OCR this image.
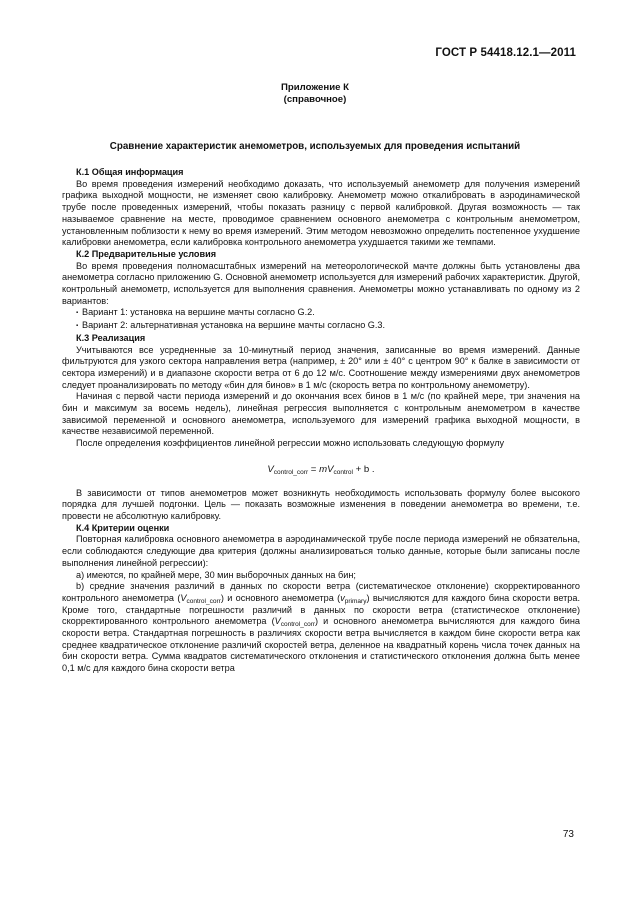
ГОСТ Р 54418.12.1—2011
Приложение К
(справочное)
Сравнение характеристик анемометров, используемых для проведения испытаний
К.1 Общая информация

Во время проведения измерений необходимо доказать, что используемый анемометр для получения измерений графика выходной мощности, не изменяет свою калибровку. Анемометр можно откалибровать в аэродинамической трубе после проведенных измерений, чтобы показать разницу с первой калибровкой. Другая возможность — так называемое сравнение на месте, проводимое сравнением основного анемометра с контрольным анемометром, установленным поблизости к нему во время измерений. Этим методом невозможно определить постепенное ухудшение калибровки анемометра, если калибровка контрольного анемометра ухудшается такими же темпами.

К.2 Предварительные условия

Во время проведения полномасштабных измерений на метеорологической мачте должны быть установлены два анемометра согласно приложению G. Основной анемометр используется для измерений рабочих характеристик. Другой, контрольный анемометр, используется для выполнения сравнения. Анемометры можно устанавливать по одному из 2 вариантов:

▪ Вариант 1: установка на вершине мачты согласно G.2.

▪ Вариант 2: альтернативная установка на вершине мачты согласно G.3.

К.3 Реализация

Учитываются все усредненные за 10-минутный период значения, записанные во время измерений. Данные фильтруются для узкого сектора направления ветра (например, ± 20° или ± 40° с центром 90° к балке в зависимости от сектора измерений) и в диапазоне скорости ветра от 6 до 12 м/с. Соотношение между измерениями двух анемометров следует проанализировать по методу «бин для бинов» в 1 м/с (скорость ветра по контрольному анемометру).

Начиная с первой части периода измерений и до окончания всех бинов в 1 м/с (по крайней мере, три значения на бин и максимум за восемь недель), линейная регрессия выполняется с контрольным анемометром в качестве зависимой переменной и основного анемометра, используемого для измерений графика выходной мощности, в качестве независимой переменной.

После определения коэффициентов линейной регрессии можно использовать следующую формулу

$V_{control\_corr} = mV_{control} + b$ .

В зависимости от типов анемометров может возникнуть необходимость использовать формулу более высокого порядка для лучшей подгонки. Цель — показать возможные изменения в поведении анемометра во времени, т.е. провести не абсолютную калибровку.

К.4 Критерии оценки

Повторная калибровка основного анемометра в аэродинамической трубе после периода измерений не обязательна, если соблюдаются следующие два критерия (должны анализироваться только данные, которые были записаны после выполнения линейной регрессии):

а) имеются, по крайней мере, 30 мин выборочных данных на бин;

b) средние значения различий в данных по скорости ветра (систематическое отклонение) скорректированного контрольного анемометра $(V_{control\_corr})$ и основного анемометра $(v_{primary})$ вычисляются для каждого бина скорости ветра. Кроме того, стандартные погрешности различий в данных по скорости ветра (статистическое отклонение) скорректированного контрольного анемометра $(V_{control\_corr})$ и основного анемометра вычисляются для каждого бина скорости ветра. Стандартная погрешность в различиях скорости ветра вычисляется в каждом бине скорости ветра как среднее квадратическое отклонение различий скоростей ветра, деленное на квадратный корень числа точек данных на бин скорости ветра. Сумма квадратов систематического отклонения и статистического отклонения должна быть менее 0,1 м/с для каждого бина скорости ветра

73
